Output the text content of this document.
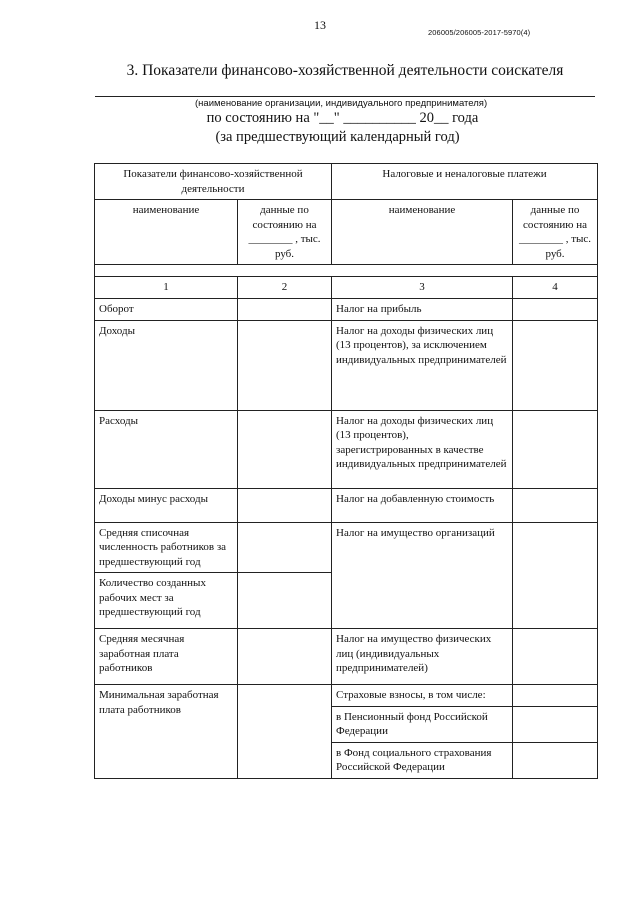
13
206005/206005-2017-5970(4)
3. Показатели финансово-хозяйственной деятельности соискателя
(наименование организации, индивидуального предпринимателя)
по состоянию на "__" __________ 20__ года
(за предшествующий календарный год)
Показатели финансово-хозяйственной деятельности		Налоговые и неналоговые платежи	
наименование	данные по состоянию на ________ , тыс. руб.	наименование	данные по состоянию на ________ , тыс. руб.

1	2	3	4
Оборот		Налог на прибыль	
Доходы		Налог на доходы физических лиц (13 процентов), за исключением индивидуальных предпринимателей	
Расходы		Налог на доходы физических лиц (13 процентов), зарегистрированных в качестве индивидуальных предпринимателей	
Доходы минус расходы		Налог на добавленную стоимость	
Средняя списочная численность работников за предшествующий год		Налог на имущество организаций	
Количество созданных рабочих мест за предшествующий год			
Средняя месячная заработная плата работников		Налог на имущество физических лиц (индивидуальных предпринимателей)	
Минимальная заработная плата работников		Страховые взносы, в том числе:	
		в Пенсионный фонд Российской Федерации	
		в Фонд социального страхования Российской Федерации	
